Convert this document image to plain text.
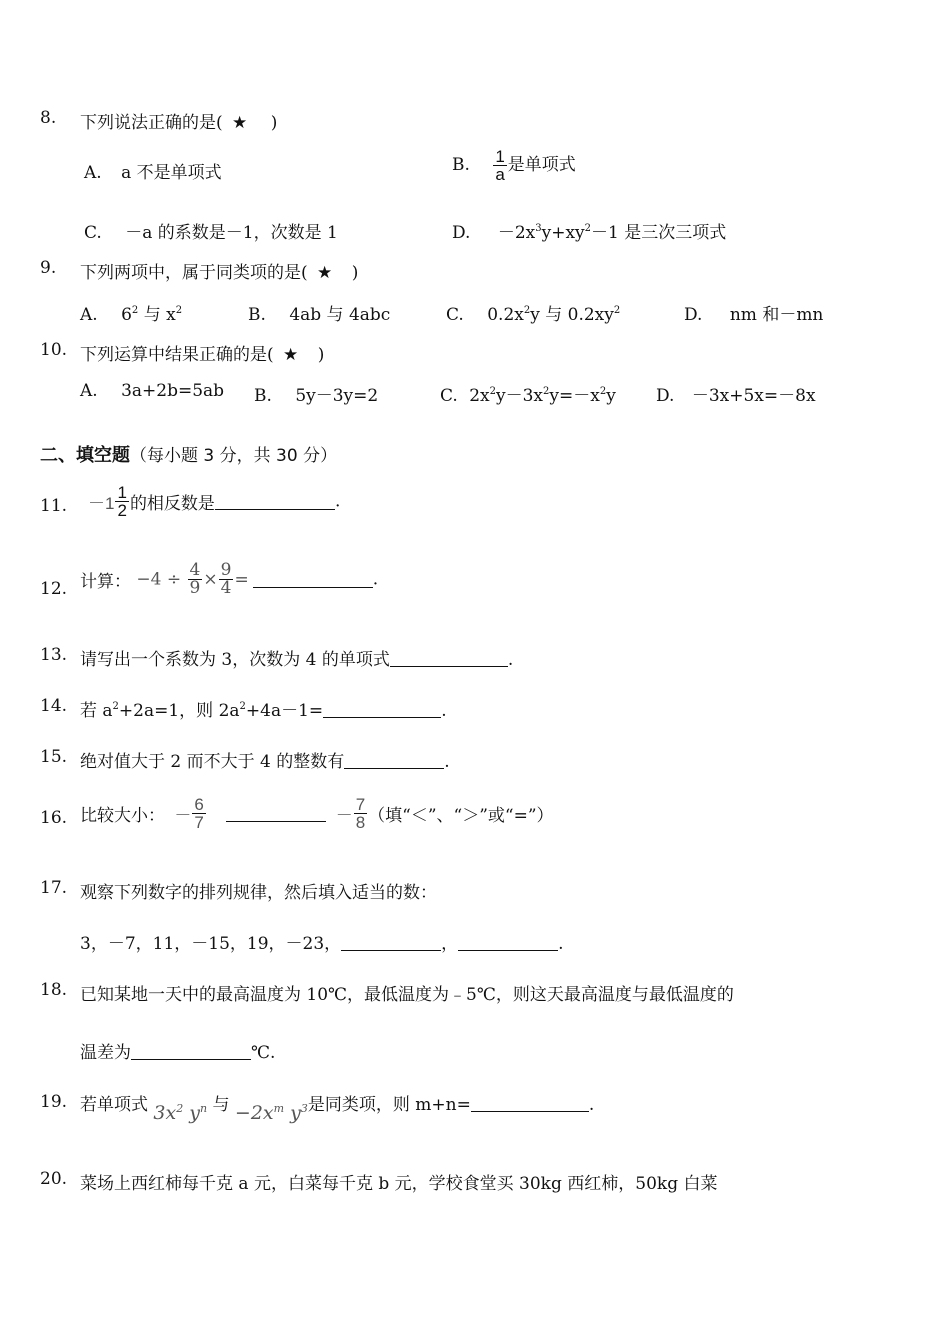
8. 下列说法正确的是( ★ )
A. a 不是单项式	B. $\frac{1}{a}$ 是单项式
C. －a 的系数是－1，次数是 1	D. $-2x^3y+xy^2-1$ 是三次三项式
9. 下列两项中，属于同类项的是( ★ )
A. $6^2$ 与 $x^2$	B. 4ab 与 4abc	C. $0.2x^2y$ 与 $0.2xy^2$	D. nm 和－mn
10. 下列运算中结果正确的是( ★ )
A. 3a+2b=5ab B. 5y－3y=2	C. $2x^2y-3x^2y=-x^2y$ D. －3x+5x=－8x
二、填空题（每小题 3 分，共 30 分）
11. $-1 \frac{1}{2}$ 的相反数是	.
12. 计算： $-4 \div \frac{4}{9} \times \frac{9}{4}$ =	.
13. 请写出一个系数为 3，次数为 4 的单项式	.
14. 若 $a^2+2a=1$，则 $2a^2+4a-1=$	.
15. 绝对值大于 2 而不大于 4 的整数有	.
16. 比较大小： － $\frac{6}{7}$	－ $\frac{7}{8}$ （填“＜”、“＞”或“=”）
17. 观察下列数字的排列规律，然后填入适当的数：
3，－7，11，－15，19，－23，	，	.
18. 已知某地一天中的最高温度为 10℃，最低温度为﹣5℃，则这天最高温度与最低温度的
温差为	℃.
19. 若单项式 $3x^2$ $y^n$ 与 $-2x^m$ $y^3$是同类项，则 m+n=	.
20. 菜场上西红柿每千克 a 元，白菜每千克 b 元，学校食堂买 30kg 西红柿，50kg 白菜
